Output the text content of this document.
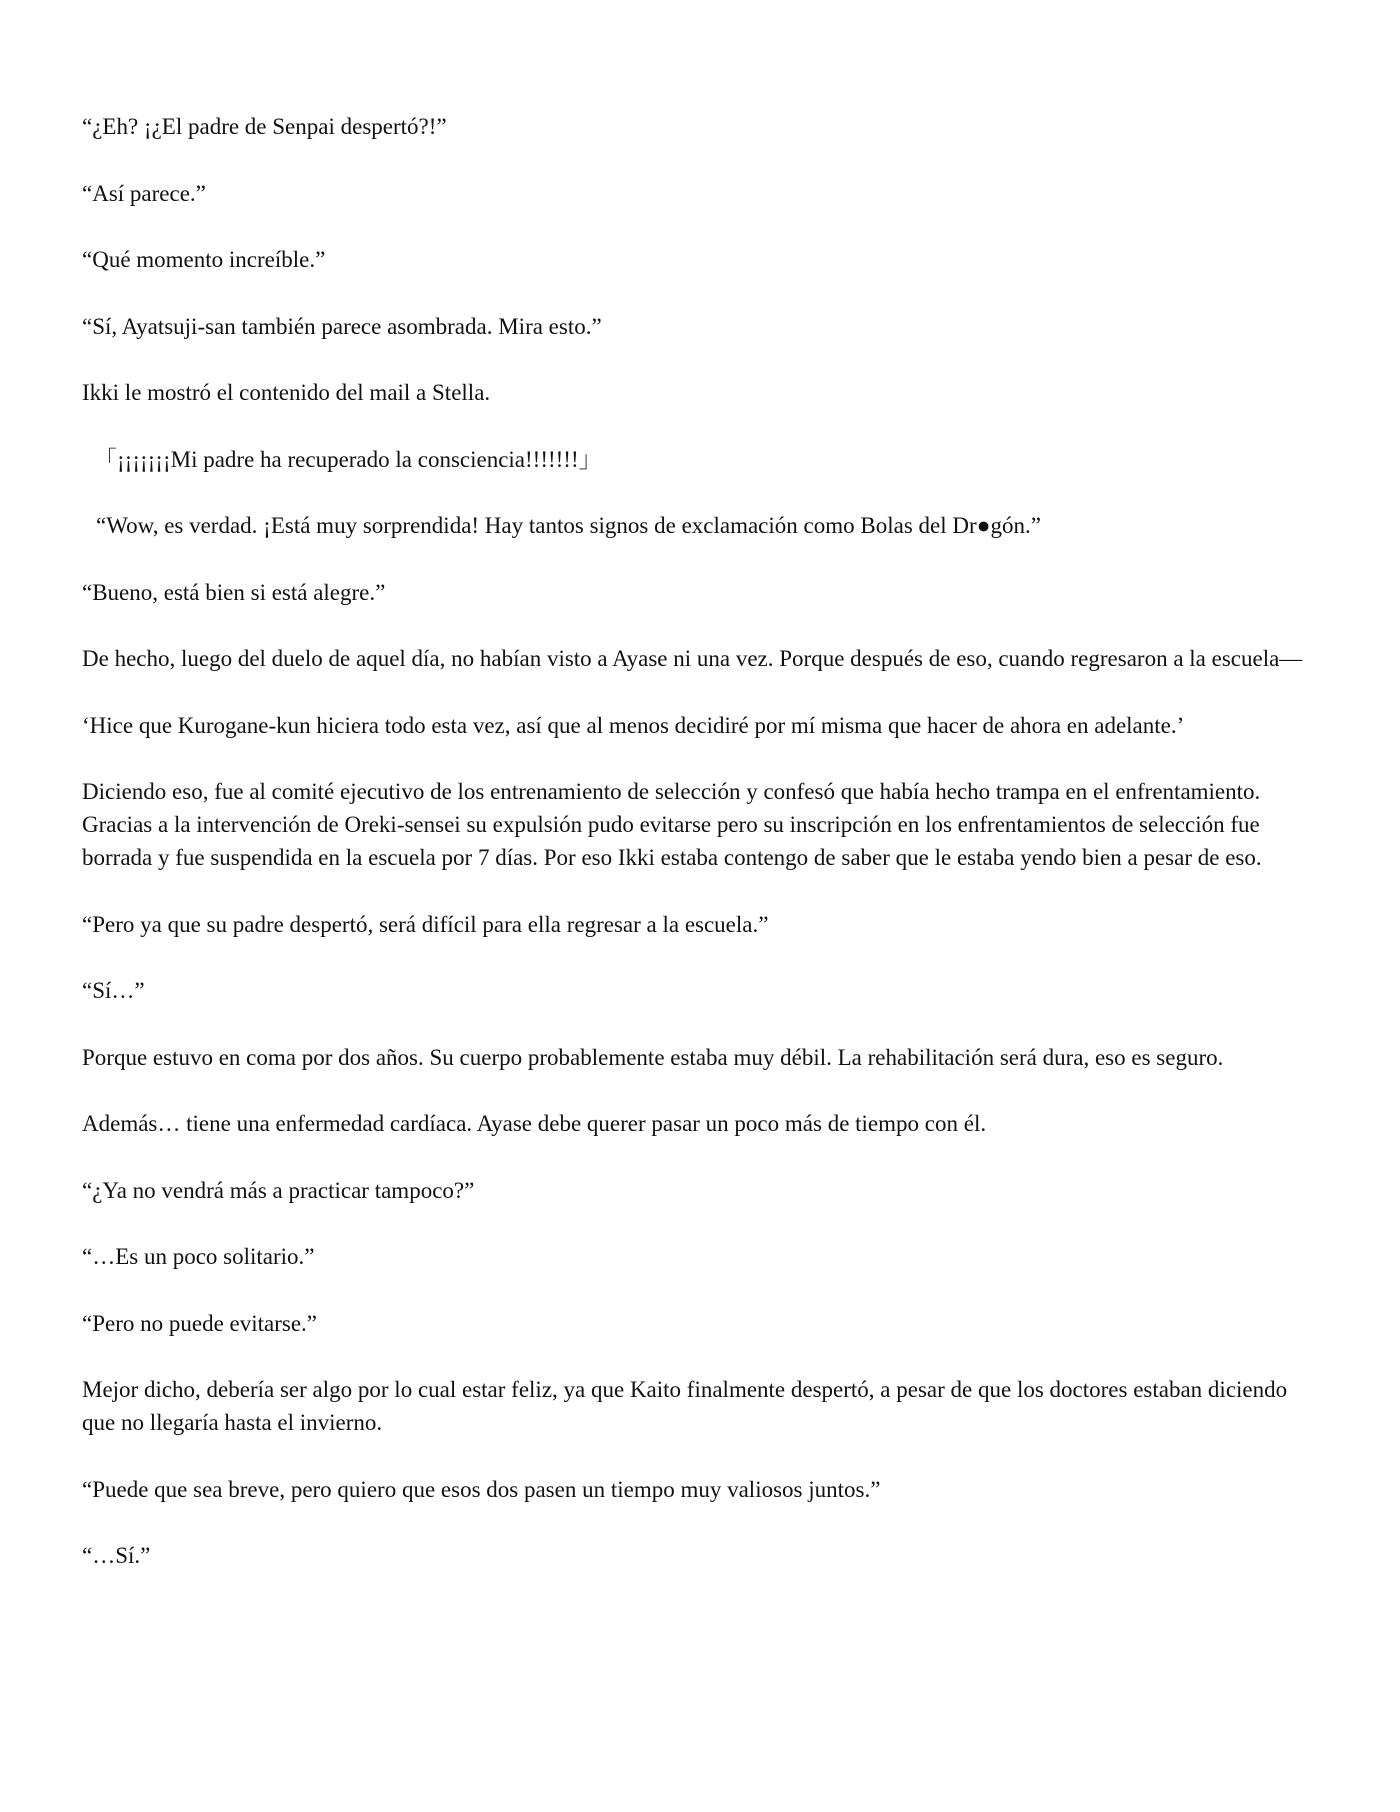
“¿Eh? ¡¿El padre de Senpai despertó?!”

“Así parece.”

“Qué momento increíble.”

“Sí, Ayatsuji-san también parece asombrada. Mira esto.”

Ikki le mostró el contenido del mail a Stella.

「¡¡¡¡¡¡¡Mi padre ha recuperado la consciencia!!!!!!!」

“Wow, es verdad. ¡Está muy sorprendida! Hay tantos signos de exclamación como Bolas del Dr●gón.”

“Bueno, está bien si está alegre.”

De hecho, luego del duelo de aquel día, no habían visto a Ayase ni una vez. Porque después de eso, cuando regresaron a la escuela—

‘Hice que Kurogane-kun hiciera todo esta vez, así que al menos decidiré por mí misma que hacer de ahora en adelante.’

Diciendo eso, fue al comité ejecutivo de los entrenamiento de selección y confesó que había hecho trampa en el enfrentamiento. Gracias a la intervención de Oreki-sensei su expulsión pudo evitarse pero su inscripción en los enfrentamientos de selección fue borrada y fue suspendida en la escuela por 7 días. Por eso Ikki estaba contengo de saber que le estaba yendo bien a pesar de eso.

“Pero ya que su padre despertó, será difícil para ella regresar a la escuela.”

“Sí…”

Porque estuvo en coma por dos años. Su cuerpo probablemente estaba muy débil. La rehabilitación será dura, eso es seguro.

Además… tiene una enfermedad cardíaca. Ayase debe querer pasar un poco más de tiempo con él.

“¿Ya no vendrá más a practicar tampoco?”

“…Es un poco solitario.”

“Pero no puede evitarse.”

Mejor dicho, debería ser algo por lo cual estar feliz, ya que Kaito finalmente despertó, a pesar de que los doctores estaban diciendo que no llegaría hasta el invierno.

“Puede que sea breve, pero quiero que esos dos pasen un tiempo muy valiosos juntos.”

“…Sí.”
